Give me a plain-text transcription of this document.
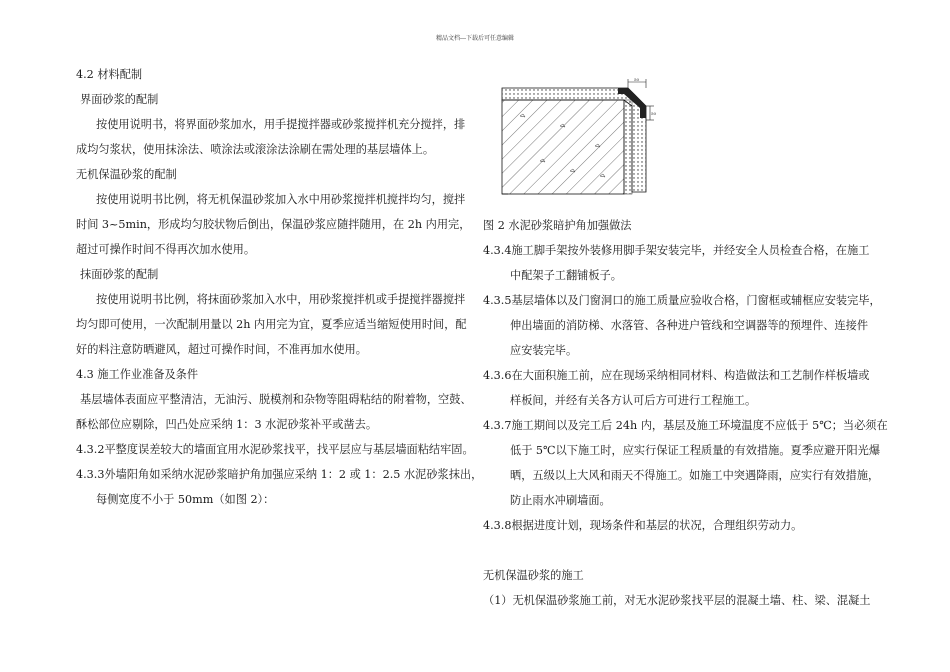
精品文档---下载后可任意编辑

4.2 材料配制

界面砂浆的配制

按使用说明书，将界面砂浆加水，用手提搅拌器或砂浆搅拌机充分搅拌，排

成均匀浆状，使用抹涂法、喷涂法或滚涂法涂刷在需处理的基层墙体上。

无机保温砂浆的配制

按使用说明书比例，将无机保温砂浆加入水中用砂浆搅拌机搅拌均匀，搅拌

时间 3~5min，形成均匀胶状物后倒出，保温砂浆应随拌随用，在 2h 内用完，

超过可操作时间不得再次加水使用。

抹面砂浆的配制

按使用说明书比例，将抹面砂浆加入水中，用砂浆搅拌机或手提搅拌器搅拌

均匀即可使用，一次配制用量以 2h 内用完为宜，夏季应适当缩短使用时间，配

好的料注意防晒避风，超过可操作时间，不准再加水使用。

4.3 施工作业准备及条件

基层墙体表面应平整清洁，无油污、脱模剂和杂物等阻碍粘结的附着物，空鼓、

酥松部位应剔除，凹凸处应采纳 1：3 水泥砂浆补平或凿去。

4.3.2平整度误差较大的墙面宜用水泥砂浆找平，找平层应与基层墙面粘结牢固。

4.3.3外墙阳角如采纳水泥砂浆暗护角加强应采纳 1：2 或 1：2.5 水泥砂浆抹出，

每侧宽度不小于 50mm（如图 2）：

50
50

图 2 水泥砂浆暗护角加强做法

4.3.4施工脚手架按外装修用脚手架安装完毕，并经安全人员检查合格，在施工

中配架子工翻铺板子。

4.3.5基层墙体以及门窗洞口的施工质量应验收合格，门窗框或辅框应安装完毕，

伸出墙面的消防梯、水落管、各种进户管线和空调器等的预埋件、连接件

应安装完毕。

4.3.6在大面积施工前，应在现场采纳相同材料、构造做法和工艺制作样板墙或

样板间，并经有关各方认可后方可进行工程施工。

4.3.7施工期间以及完工后 24h 内，基层及施工环境温度不应低于 5℃；当必须在

低于 5℃以下施工时，应实行保证工程质量的有效措施。夏季应避开阳光爆

晒，五级以上大风和雨天不得施工。如施工中突遇降雨，应实行有效措施，

防止雨水冲刷墙面。

4.3.8根据进度计划，现场条件和基层的状况，合理组织劳动力。

无机保温砂浆的施工

（1）无机保温砂浆施工前，对无水泥砂浆找平层的混凝土墙、柱、梁、混凝土
